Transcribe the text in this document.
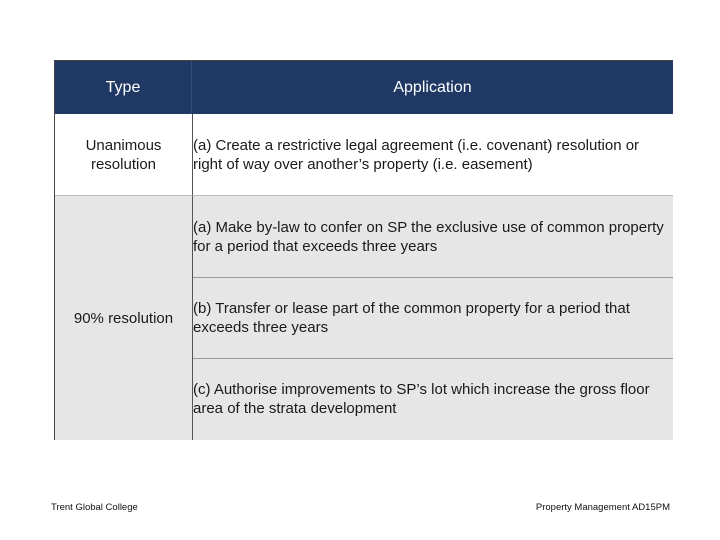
Type	Application
Unanimous resolution
(a) Create a restrictive legal agreement (i.e. covenant) resolution or right of way over another’s property (i.e. easement)
90% resolution
(a) Make by-law to confer on SP the exclusive use of common property for a period that exceeds three years
(b) Transfer or lease part of the common property for a period that exceeds three years
(c) Authorise improvements to SP’s lot which increase the gross floor area of the strata development
Trent Global College	Property Management AD15PM
